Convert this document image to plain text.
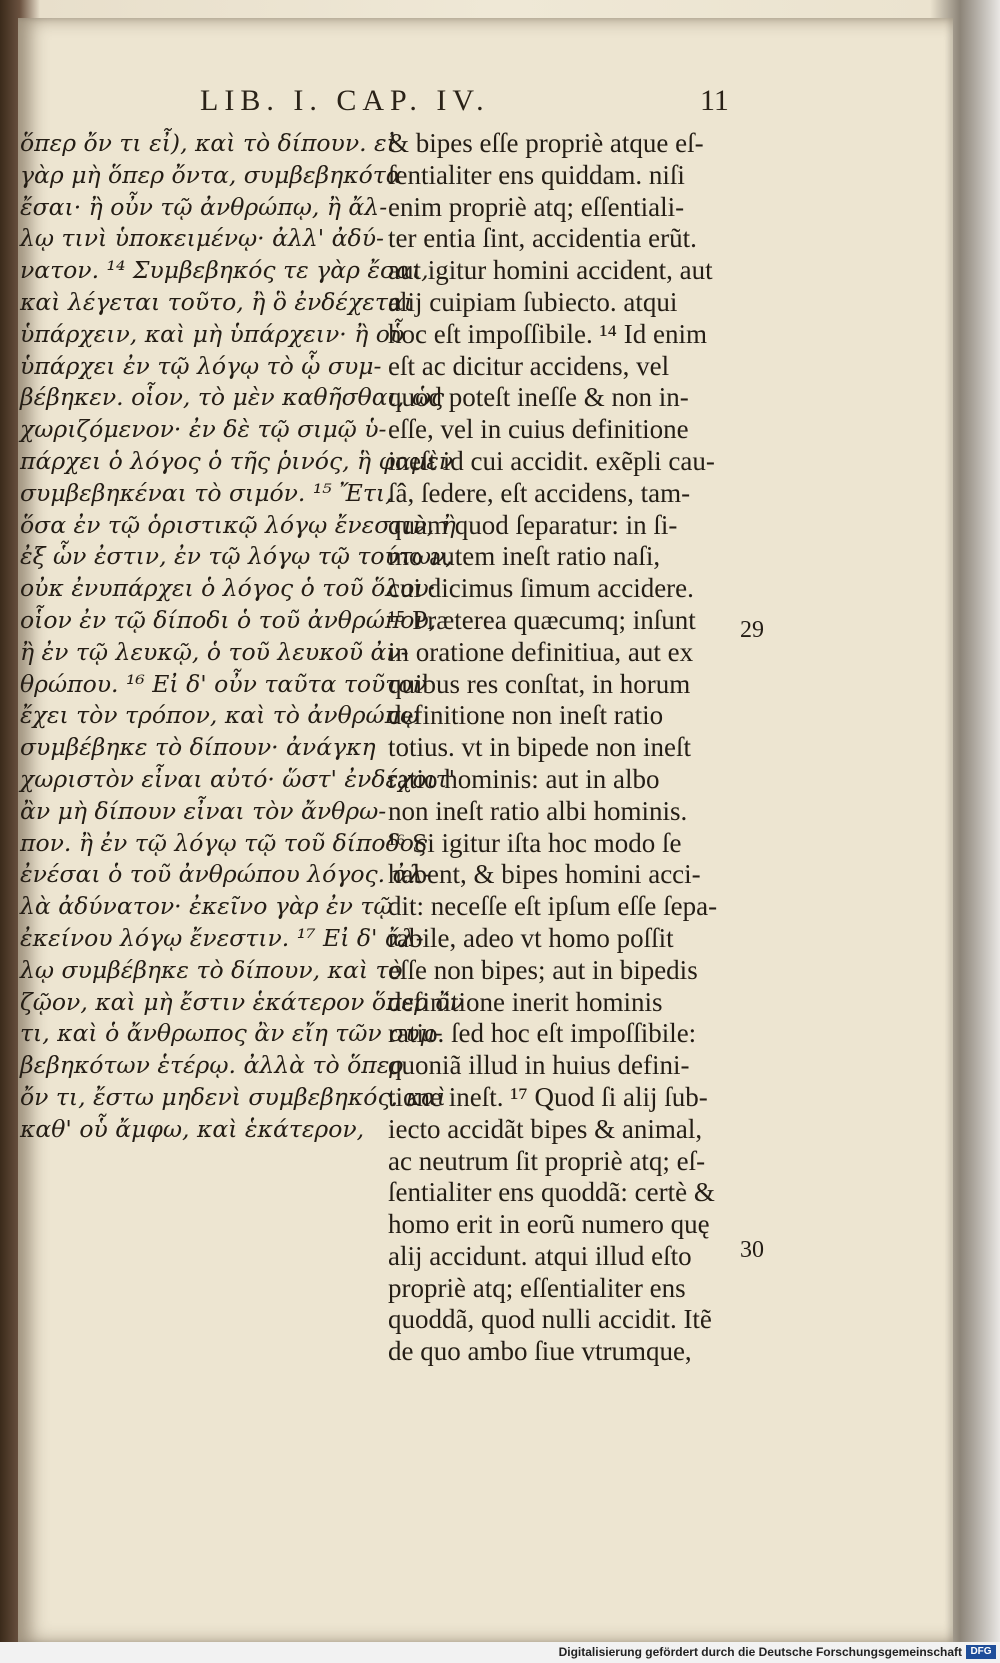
LIB. I. CAP. IV.	11
ὅπερ ὄν τι εἶ), καὶ τὸ δίπουν. εἰ
γὰρ μὴ ὅπερ ὄντα, συμβεβηκότα
ἔσαι· ἢ οὖν τῷ ἀνθρώπῳ, ἢ ἄλ-
λῳ τινὶ ὑποκειμένῳ· ἀλλ' ἀδύ-
νατον. ¹⁴ Συμβεβηκός τε γὰρ ἔσαι,
καὶ λέγεται τοῦτο, ἢ ὃ ἐνδέχεται
ὑπάρχειν, καὶ μὴ ὑπάρχειν· ἢ οὗ
ὑπάρχει ἐν τῷ λόγῳ τὸ ᾧ συμ-
βέβηκεν. οἷον, τὸ μὲν καθῆσθαι, ὡς
χωριζόμενον· ἐν δὲ τῷ σιμῷ ὑ-
πάρχει ὁ λόγος ὁ τῆς ῥινός, ἣ φαμὲν
συμβεβηκέναι τὸ σιμόν. ¹⁵ Ἔτι,
ὅσα ἐν τῷ ὁριστικῷ λόγῳ ἔνεστιν, ἢ
ἐξ ὧν ἐστιν, ἐν τῷ λόγῳ τῷ τούτων,
οὐκ ἐνυπάρχει ὁ λόγος ὁ τοῦ ὅλου·
οἷον ἐν τῷ δίποδι ὁ τοῦ ἀνθρώπου,
ἢ ἐν τῷ λευκῷ, ὁ τοῦ λευκοῦ ἀν-
θρώπου. ¹⁶ Εἰ δ' οὖν ταῦτα τοῦτον
ἔχει τὸν τρόπον, καὶ τὸ ἀνθρώπῳ
συμβέβηκε τὸ δίπουν· ἀνάγκη
χωριστὸν εἶναι αὐτό· ὥστ' ἐνδέχοιτ'
ἂν μὴ δίπουν εἶναι τὸν ἄνθρω-
πον. ἢ ἐν τῷ λόγῳ τῷ τοῦ δίποδος
ἐνέσαι ὁ τοῦ ἀνθρώπου λόγος. ἀλ-
λὰ ἀδύνατον· ἐκεῖνο γὰρ ἐν τῷ
ἐκείνου λόγῳ ἔνεστιν. ¹⁷ Εἰ δ' ἄλ-
λῳ συμβέβηκε τὸ δίπουν, καὶ τὸ
ζῷον, καὶ μὴ ἔστιν ἑκάτερον ὅπερ ὄν
τι, καὶ ὁ ἄνθρωπος ἂν εἴη τῶν συμ-
βεβηκότων ἑτέρῳ. ἀλλὰ τὸ ὅπερ
ὄν τι, ἔστω μηδενὶ συμβεβηκός. καὶ
καθ' οὗ ἄμφω, καὶ ἑκάτερον,
& bipes eſſe propriè atque eſ-
ſentialiter ens quiddam. niſi
enim propriè atq; eſſentiali-
ter entia ſint, accidentia erũt.
aut igitur homini accident, aut
alij cuipiam ſubiecto. atqui
hoc eſt impoſſibile. ¹⁴ Id enim
eſt ac dicitur accidens, vel
quod poteſt ineſſe & non in-
eſſe, vel in cuius definitione
ineſt id cui accidit. exẽpli cau-
ſâ, ſedere, eſt accidens, tam-
quàm quod ſeparatur: in ſi-
mo autem ineſt ratio naſi,
cui dicimus ſimum accidere.
¹⁵ Præterea quæcumq; inſunt
in oratione definitiua, aut ex
quibus res conſtat, in horum
definitione non ineſt ratio
totius. vt in bipede non ineſt
ratio hominis: aut in albo
non ineſt ratio albi hominis.
¹⁶ Si igitur iſta hoc modo ſe
habent, & bipes homini acci-
dit: neceſſe eſt ipſum eſſe ſepa-
rabile, adeo vt homo poſſit
eſſe non bipes; aut in bipedis
definitione inerit hominis
ratio. ſed hoc eſt impoſſibile:
quoniã illud in huius defini-
tione ineſt. ¹⁷ Quod ſi alij ſub-
iecto accidãt bipes & animal,
ac neutrum ſit propriè atq; eſ-
ſentialiter ens quoddã: certè &
homo erit in eorũ numero quę
alij accidunt. atqui illud eſto
propriè atq; eſſentialiter ens
quoddã, quod nulli accidit. Itẽ
de quo ambo ſiue vtrumque,
29
30
Digitalisierung gefördert durch die Deutsche Forschungsgemeinschaft DFG
